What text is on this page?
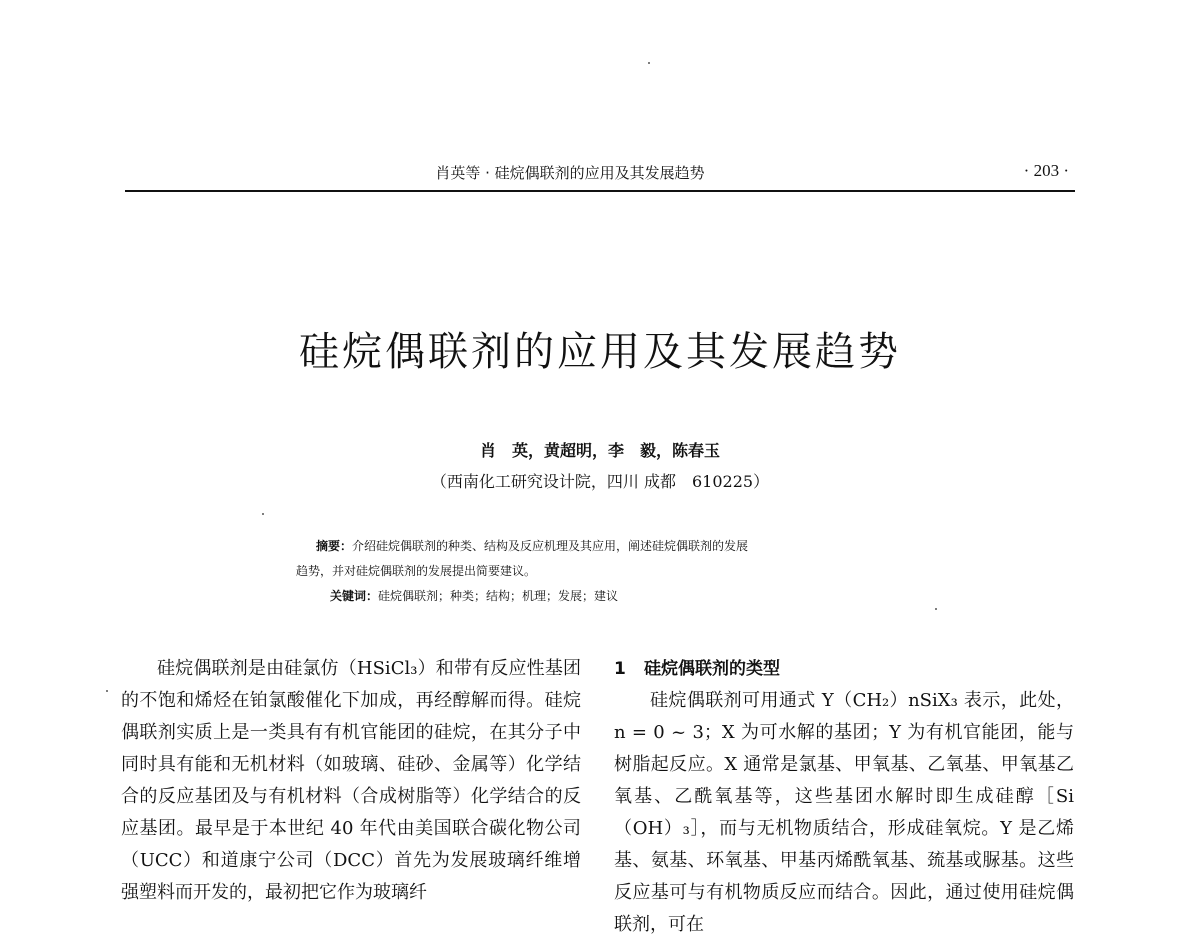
肖英等 · 硅烷偶联剂的应用及其发展趋势	· 203 ·
硅烷偶联剂的应用及其发展趋势
肖　英，黄超明，李　毅，陈春玉
（西南化工研究设计院，四川 成都　610225）

摘要：介绍硅烷偶联剂的种类、结构及反应机理及其应用，阐述硅烷偶联剂的发展

趋势，并对硅烷偶联剂的发展提出简要建议。

关键词：硅烷偶联剂；种类；结构；机理；发展；建议

硅烷偶联剂是由硅氯仿（HSiCl₃）和带有反应性基团的不饱和烯烃在铂氯酸催化下加成，再经醇解而得。硅烷偶联剂实质上是一类具有有机官能团的硅烷，在其分子中同时具有能和无机材料（如玻璃、硅砂、金属等）化学结合的反应基团及与有机材料（合成树脂等）化学结合的反应基团。最早是于本世纪 40 年代由美国联合碳化物公司（UCC）和道康宁公司（DCC）首先为发展玻璃纤维增强塑料而开发的，最初把它作为玻璃纤

1 硅烷偶联剂的类型

硅烷偶联剂可用通式 Y（CH₂）nSiX₃ 表示，此处，n = 0 ~ 3；X 为可水解的基团；Y 为有机官能团，能与树脂起反应。X 通常是氯基、甲氧基、乙氧基、甲氧基乙氧基、乙酰氧基等，这些基团水解时即生成硅醇［Si（OH）₃］，而与无机物质结合，形成硅氧烷。Y 是乙烯基、氨基、环氧基、甲基丙烯酰氧基、巯基或脲基。这些反应基可与有机物质反应而结合。因此，通过使用硅烷偶联剂，可在
